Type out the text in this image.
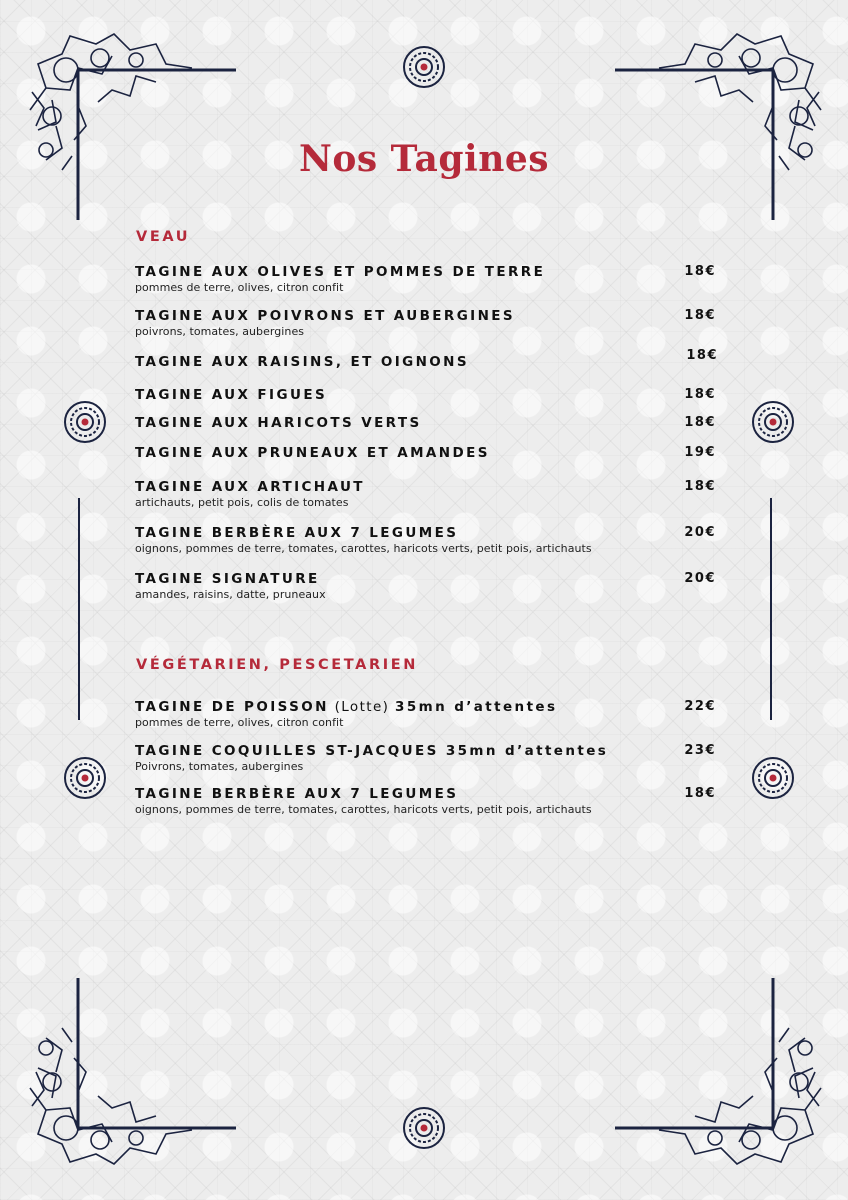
Nos Tagines
VEAU
TAGINE AUX OLIVES ET POMMES DE TERRE
pommes de terre, olives, citron confit
18€
TAGINE AUX POIVRONS ET AUBERGINES
poivrons, tomates, aubergines
18€
TAGINE AUX RAISINS, ET OIGNONS	18€
TAGINE AUX FIGUES	18€
TAGINE AUX HARICOTS VERTS	18€
TAGINE AUX PRUNEAUX ET AMANDES	19€
TAGINE AUX ARTICHAUT
artichauts, petit pois, colis de tomates
18€
TAGINE BERBÈRE AUX 7 LEGUMES
oignons, pommes de terre, tomates, carottes, haricots verts, petit pois, artichauts
20€
TAGINE SIGNATURE
amandes, raisins, datte, pruneaux
20€
VÉGÉTARIEN, PESCETARIEN
TAGINE DE POISSON (Lotte) 35mn d’attentes
pommes de terre, olives, citron confit
22€
TAGINE COQUILLES ST-JACQUES 35mn d’attentes
Poivrons, tomates, aubergines
23€
TAGINE BERBÈRE AUX 7 LEGUMES
oignons, pommes de terre, tomates, carottes, haricots verts, petit pois, artichauts
18€
